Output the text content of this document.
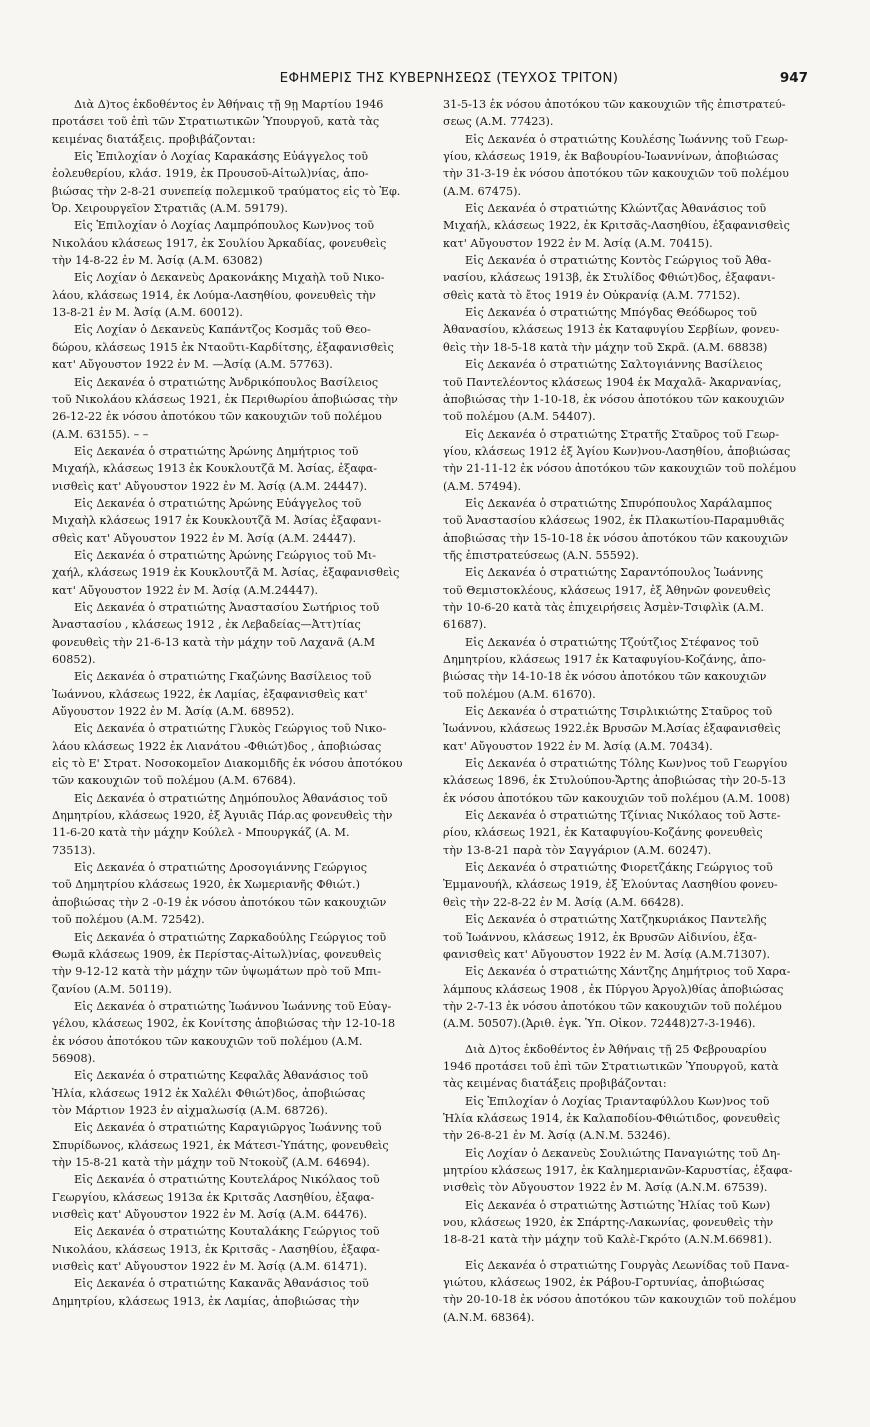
ΕΦΗΜΕΡΙΣ ΤΗΣ ΚΥΒΕΡΝΗΣΕΩΣ (ΤΕΥΧΟΣ ΤΡΙΤΟΝ)	947
Διὰ Δ)τος ἐκδοθέντος ἐν Ἀθήναις τῇ 9ῃ Μαρτίου 1946
προτάσει τοῦ ἐπὶ τῶν Στρατιωτικῶν Ὑπουργοῦ, κατὰ τὰς
κειμένας διατάξεις. προβιβάζονται:
Εἰς Ἐπιλοχίαν ὁ Λοχίας Καρακάσης Εὐάγγελος τοῦ
ἐολευθερίου, κλάσ. 1919, ἐκ Προυσοῦ-Αἰτωλ)νίας, ἀπο-
βιώσας τὴν 2-8-21 συνεπείᾳ πολεμικοῦ τραύματος εἰς τὸ Ἐφ.
Ὀρ. Χειρουργεῖον Στρατιᾶς (Α.Μ. 59179).
Εἰς Ἐπιλοχίαν ὁ Λοχίας Λαμπρόπουλος Κων)νος τοῦ
Νικολάου κλάσεως 1917, ἐκ Σουλίου Ἀρκαδίας, φονευθεὶς
τὴν 14-8-22 ἐν Μ. Ἀσίᾳ (Α.Μ. 63082)
Εἰς Λοχίαν ὁ Δεκανεὺς Δρακονάκης Μιχαὴλ τοῦ Νικο-
λάου, κλάσεως 1914, ἐκ Λούμα-Λασηθίου, φονευθεὶς τὴν
13-8-21 ἐν Μ. Ἀσίᾳ (Α.Μ. 60012).
Εἰς Λοχίαν ὁ Δεκανεὺς Καπάντζος Κοσμᾶς τοῦ Θεο-
δώρου, κλάσεως 1915 ἐκ Νταοῦτι-Καρδίτσης, ἐξαφανισθεὶς
κατ' Αὔγουστον 1922 ἐν Μ. —Ἀσίᾳ (Α.Μ. 57763).
Εἰς Δεκανέα ὁ στρατιώτης Ἀνδρικόπουλος Βασίλειος
τοῦ Νικολάου κλάσεως 1921, ἐκ Περιθωρίου ἀποβιώσας τὴν
26-12-22 ἐκ νόσου ἀποτόκου τῶν κακουχιῶν τοῦ πολέμου
(Α.Μ. 63155). – –
Εἰς Δεκανέα ὁ στρατιώτης Ἀρώνης Δημήτριος τοῦ
Μιχαήλ, κλάσεως 1913 ἐκ Κουκλουτζᾶ Μ. Ἀσίας, ἐξαφα-
νισθεὶς κατ' Αὔγουστον 1922 ἐν Μ. Ἀσίᾳ (Α.Μ. 24447).
Εἰς Δεκανέα ὁ στρατιώτης Ἀρώνης Εὐάγγελος τοῦ
Μιχαὴλ κλάσεως 1917 ἐκ Κουκλουτζᾶ Μ. Ἀσίας ἐξαφανι-
σθεὶς κατ' Αὔγουστον 1922 ἐν Μ. Ἀσίᾳ (Α.Μ. 24447).
Εἰς Δεκανέα ὁ στρατιώτης Ἀρώνης Γεώργιος τοῦ Μι-
χαήλ, κλάσεως 1919 ἐκ Κουκλουτζᾶ Μ. Ἀσίας, ἐξαφανισθεὶς
κατ' Αὔγουστον 1922 ἐν Μ. Ἀσίᾳ (Α.Μ.24447).
Εἰς Δεκανέα ὁ στρατιώτης Ἀναστασίου Σωτήριος τοῦ
Ἀναστασίου , κλάσεως 1912 , ἐκ Λεβαδείας—Ἀττ)τίας
φονευθεὶς τὴν 21-6-13 κατὰ τὴν μάχην τοῦ Λαχανᾶ (Α.Μ
60852).
Εἰς Δεκανέα ὁ στρατιώτης Γκαζώνης Βασίλειος τοῦ
Ἰωάννου, κλάσεως 1922, ἐκ Λαμίας, ἐξαφανισθεὶς κατ'
Αὔγουστον 1922 ἐν Μ. Ἀσίᾳ (Α.Μ. 68952).
Εἰς Δεκανέα ὁ στρατιώτης Γλυκὸς Γεώργιος τοῦ Νικο-
λάου κλάσεως 1922 ἐκ Λιανάτου -Φθιώτ)δος , ἀποβιώσας
εἰς τὸ Ε' Στρατ. Νοσοκομεῖον Διακομιδῆς ἐκ νόσου ἀποτόκου
τῶν κακουχιῶν τοῦ πολέμου (Α.Μ. 67684).
Εἰς Δεκανέα ὁ στρατιώτης Δημόπουλος Ἀθανάσιος τοῦ
Δημητρίου, κλάσεως 1920, ἐξ Ἀγυιᾶς Πάρ.ας φονευθεὶς τὴν
11-6-20 κατὰ τὴν μάχην Κούλελ - Μπουργκάζ (Α. Μ.
73513).
Εἰς Δεκανέα ὁ στρατιώτης Δροσογιάννης Γεώργιος
τοῦ Δημητρίου κλάσεως 1920, ἐκ Χωμεριανῆς Φθιώτ.)
ἀποβιώσας τὴν 2 -0-19 ἐκ νόσου ἀποτόκου τῶν κακουχιῶν
τοῦ πολέμου (Α.Μ. 72542).
Εἰς Δεκανέα ὁ στρατιώτης Ζαρκαδούλης Γεώργιος τοῦ
Θωμᾶ κλάσεως 1909, ἐκ Περίστας-Αἰτωλ)νίας, φονευθεὶς
τὴν 9-12-12 κατὰ τὴν μάχην τῶν ὑψωμάτων πρὸ τοῦ Μπι-
ζανίου (Α.Μ. 50119).
Εἰς Δεκανέα ὁ στρατιώτης Ἰωάννου Ἰωάννης τοῦ Εὐαγ-
γέλου, κλάσεως 1902, ἐκ Κονίτσης ἀποβιώσας τὴν 12-10-18
ἐκ νόσου ἀποτόκου τῶν κακουχιῶν τοῦ πολέμου (Α.Μ.
56908).
Εἰς Δεκανέα ὁ στρατιώτης Κεφαλᾶς Ἀθανάσιος τοῦ
Ἠλία, κλάσεως 1912 ἐκ Χαλέλι Φθιώτ)δος, ἀποβιώσας
τὸν Μάρτιον 1923 ἐν αἰχμαλωσίᾳ (Α.Μ. 68726).
Εἰς Δεκανέα ὁ στρατιώτης Καραγιῶργος Ἰωάννης τοῦ
Σπυρίδωνος, κλάσεως 1921, ἐκ Μάτεσι-Ὑπάτης, φονευθεὶς
τὴν 15-8-21 κατὰ τὴν μάχην τοῦ Ντοκοὺζ (Α.Μ. 64694).
Εἰς Δεκανέα ὁ στρατιώτης Κουτελάρος Νικόλαος τοῦ
Γεωργίου, κλάσεως 1913α ἐκ Κριτσᾶς Λασηθίου, ἐξαφα-
νισθεὶς κατ' Αὔγουστον 1922 ἐν Μ. Ἀσίᾳ (Α.Μ. 64476).
Εἰς Δεκανέα ὁ στρατιώτης Κουταλάκης Γεώργιος τοῦ
Νικολάου, κλάσεως 1913, ἐκ Κριτσᾶς - Λασηθίου, ἐξαφα-
νισθεὶς κατ' Αὔγουστον 1922 ἐν Μ. Ἀσίᾳ (Α.Μ. 61471).
Εἰς Δεκανέα ὁ στρατιώτης Κακανᾶς Ἀθανάσιος τοῦ
Δημητρίου, κλάσεως 1913, ἐκ Λαμίας, ἀποβιώσας τὴν
31-5-13 ἐκ νόσου ἀποτόκου τῶν κακουχιῶν τῆς ἐπιστρατεύ-
σεως (Α.Μ. 77423).
Εἰς Δεκανέα ὁ στρατιώτης Κουλέσης Ἰωάννης τοῦ Γεωρ-
γίου, κλάσεως 1919, ἐκ Βαβουρίου-Ἰωαννίνων, ἀποβιώσας
τὴν 31-3-19 ἐκ νόσου ἀποτόκου τῶν κακουχιῶν τοῦ πολέμου
(Α.Μ. 67475).
Εἰς Δεκανέα ὁ στρατιώτης Κλώντζας Ἀθανάσιος τοῦ
Μιχαήλ, κλάσεως 1922, ἐκ Κριτσᾶς-Λασηθίου, ἐξαφανισθεὶς
κατ' Αὔγουστον 1922 ἐν Μ. Ἀσίᾳ (Α.Μ. 70415).
Εἰς Δεκανέα ὁ στρατιώτης Κοντὸς Γεώργιος τοῦ Ἀθα-
νασίου, κλάσεως 1913β, ἐκ Στυλίδος Φθιώτ)δος, ἐξαφανι-
σθεὶς κατὰ τὸ ἔτος 1919 ἐν Οὐκρανίᾳ (Α.Μ. 77152).
Εἰς Δεκανέα ὁ στρατιώτης Μπόγδας Θεόδωρος τοῦ
Ἀθανασίου, κλάσεως 1913 ἐκ Καταφυγίου Σερβίων, φονευ-
θεὶς τὴν 18-5-18 κατὰ τὴν μάχην τοῦ Σκρᾶ. (Α.Μ. 68838)
Εἰς Δεκανέα ὁ στρατιώτης Σαλτογιάννης Βασίλειος
τοῦ Παντελέοντος κλάσεως 1904 ἐκ Μαχαλᾶ- Ἀκαρνανίας,
ἀποβιώσας τὴν 1-10-18, ἐκ νόσου ἀποτόκου τῶν κακουχιῶν
τοῦ πολέμου (Α.Μ. 54407).
Εἰς Δεκανέα ὁ στρατιώτης Στρατῆς Σταῦρος τοῦ Γεωρ-
γίου, κλάσεως 1912 ἐξ Ἁγίου Κων)νου-Λασηθίου, ἀποβιώσας
τὴν 21-11-12 ἐκ νόσου ἀποτόκου τῶν κακουχιῶν τοῦ πολέμου
(Α.Μ. 57494).
Εἰς Δεκανέα ὁ στρατιώτης Σπυρόπουλος Χαράλαμπος
τοῦ Ἀναστασίου κλάσεως 1902, ἐκ Πλακωτίου-Παραμυθιᾶς
ἀποβιώσας τὴν 15-10-18 ἐκ νόσου ἀποτόκου τῶν κακουχιῶν
τῆς ἐπιστρατεύσεως (Α.Ν. 55592).
Εἰς Δεκανέα ὁ στρατιώτης Σαραντόπουλος Ἰωάννης
τοῦ Θεμιστοκλέους, κλάσεως 1917, ἐξ Ἀθηνῶν φονευθεὶς
τὴν 10-6-20 κατὰ τὰς ἐπιχειρήσεις Ἀσμὲν-Τσιφλὶκ (Α.Μ.
61687).
Εἰς Δεκανέα ὁ στρατιώτης Τζούτζιος Στέφανος τοῦ
Δημητρίου, κλάσεως 1917 ἐκ Καταφυγίου-Κοζάνης, ἀπο-
βιώσας τὴν 14-10-18 ἐκ νόσου ἀποτόκου τῶν κακουχιῶν
τοῦ πολέμου (Α.Μ. 61670).
Εἰς Δεκανέα ὁ στρατιώτης Τσιρλικιώτης Σταῦρος τοῦ
Ἰωάννου, κλάσεως 1922.ἐκ Βρυσῶν Μ.Ἀσίας ἐξαφανισθεὶς
κατ' Αὔγουστον 1922 ἐν Μ. Ἀσίᾳ (Α.Μ. 70434).
Εἰς Δεκανέα ὁ στρατιώτης Τόλης Κων)νος τοῦ Γεωργίου
κλάσεως 1896, ἐκ Στυλούπου-Ἄρτης ἀποβιώσας τὴν 20-5-13
ἐκ νόσου ἀποτόκου τῶν κακουχιῶν τοῦ πολέμου (Α.Μ. 1008)
Εἰς Δεκανέα ὁ στρατιώτης Τζίνιας Νικόλαος τοῦ Ἀστε-
ρίου, κλάσεως 1921, ἐκ Καταφυγίου-Κοζάνης φονευθεὶς
τὴν 13-8-21 παρὰ τὸν Σαγγάριον (Α.Μ. 60247).
Εἰς Δεκανέα ὁ στρατιώτης Φιορετζάκης Γεώργιος τοῦ
Ἐμμανουήλ, κλάσεως 1919, ἐξ Ἐλούντας Λασηθίου φονευ-
θεὶς τὴν 22-8-22 ἐν Μ. Ἀσίᾳ (Α.Μ. 66428).
Εἰς Δεκανέα ὁ στρατιώτης Χατζηκυριάκος Παντελῆς
τοῦ Ἰωάννου, κλάσεως 1912, ἐκ Βρυσῶν Αἰδινίου, ἐξα-
φανισθεὶς κατ' Αὔγουστον 1922 ἐν Μ. Ἀσίᾳ (Α.Μ.71307).
Εἰς Δεκανέα ὁ στρατιώτης Χάντζης Δημήτριος τοῦ Χαρα-
λάμπους κλάσεως 1908 , ἐκ Πύργου Ἀργολ)θίας ἀποβιώσας
τὴν 2-7-13 ἐκ νόσου ἀποτόκου τῶν κακουχιῶν τοῦ πολέμου
(Α.Μ. 50507).(Ἀριθ. ἐγκ. Ὑπ. Οἰκον. 72448)27-3-1946).
Διὰ Δ)τος ἐκδοθέντος ἐν Ἀθήναις τῇ 25 Φεβρουαρίου
1946 προτάσει τοῦ ἐπὶ τῶν Στρατιωτικῶν Ὑπουργοῦ, κατὰ
τὰς κειμένας διατάξεις προβιβάζονται:
Εἰς Ἐπιλοχίαν ὁ Λοχίας Τριανταφύλλου Κων)νος τοῦ
Ἠλία κλάσεως 1914, ἐκ Καλαποδίου-Φθιώτιδος, φονευθεὶς
τὴν 26-8-21 ἐν Μ. Ἀσίᾳ (Α.Ν.Μ. 53246).
Εἰς Λοχίαν ὁ Δεκανεὺς Σουλιώτης Παναγιώτης τοῦ Δη-
μητρίου κλάσεως 1917, ἐκ Καλημεριανῶν-Καρυστίας, ἐξαφα-
νισθεὶς τὸν Αὔγουστον 1922 ἐν Μ. Ἀσίᾳ (Α.Ν.Μ. 67539).
Εἰς Δεκανέα ὁ στρατιώτης Ἀστιώτης Ἠλίας τοῦ Κων)
νου, κλάσεως 1920, ἐκ Σπάρτης-Λακωνίας, φονευθεὶς τὴν
18-8-21 κατὰ τὴν μάχην τοῦ Καλὲ-Γκρότο (Α.Ν.Μ.66981).
Εἰς Δεκανέα ὁ στρατιώτης Γουργὰς Λεωνίδας τοῦ Πανα-
γιώτου, κλάσεως 1902, ἐκ Ράβου-Γορτυνίας, ἀποβιώσας
τὴν 20-10-18 ἐκ νόσου ἀποτόκου τῶν κακουχιῶν τοῦ πολέμου
(Α.Ν.Μ. 68364).
